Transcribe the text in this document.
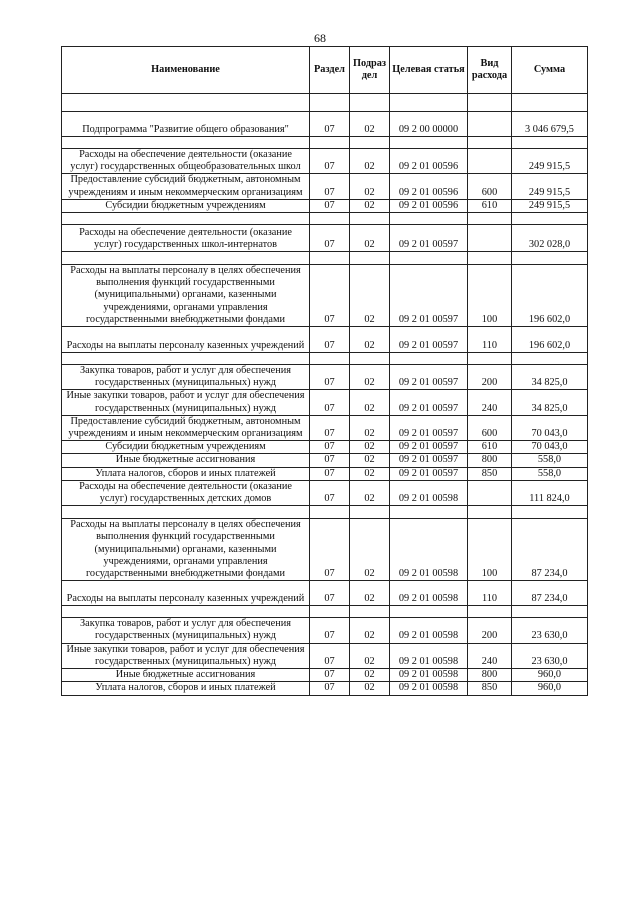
68
Наименование	Раздел	Подраз дел	Целевая статья	Вид расхода	Сумма

Подпрограмма "Развитие общего образования"	07	02	09 2 00 00000		3 046 679,5

Расходы на обеспечение деятельности (оказание услуг) государственных общеобразовательных школ	07	02	09 2 01 00596		249 915,5
Предоставление субсидий бюджетным, автономным учреждениям и иным некоммерческим организациям	07	02	09 2 01 00596	600	249 915,5
Субсидии бюджетным учреждениям	07	02	09 2 01 00596	610	249 915,5

Расходы на обеспечение деятельности (оказание услуг) государственных школ-интернатов	07	02	09 2 01 00597		302 028,0

Расходы на выплаты персоналу в целях обеспечения выполнения функций государственными (муниципальными) органами, казенными учреждениями, органами управления государственными внебюджетными фондами	07	02	09 2 01 00597	100	196 602,0
Расходы на выплаты персоналу казенных учреждений	07	02	09 2 01 00597	110	196 602,0

Закупка товаров, работ и услуг для обеспечения государственных (муниципальных) нужд	07	02	09 2 01 00597	200	34 825,0
Иные закупки товаров, работ и услуг для обеспечения государственных (муниципальных) нужд	07	02	09 2 01 00597	240	34 825,0
Предоставление субсидий бюджетным, автономным учреждениям и иным некоммерческим организациям	07	02	09 2 01 00597	600	70 043,0
Субсидии бюджетным учреждениям	07	02	09 2 01 00597	610	70 043,0
Иные бюджетные ассигнования	07	02	09 2 01 00597	800	558,0
Уплата налогов, сборов и иных платежей	07	02	09 2 01 00597	850	558,0
Расходы на обеспечение деятельности (оказание услуг) государственных детских домов	07	02	09 2 01 00598		111 824,0

Расходы на выплаты персоналу в целях обеспечения выполнения функций государственными (муниципальными) органами, казенными учреждениями, органами управления государственными внебюджетными фондами	07	02	09 2 01 00598	100	87 234,0
Расходы на выплаты персоналу казенных учреждений	07	02	09 2 01 00598	110	87 234,0

Закупка товаров, работ и услуг для обеспечения государственных (муниципальных) нужд	07	02	09 2 01 00598	200	23 630,0
Иные закупки товаров, работ и услуг для обеспечения государственных (муниципальных) нужд	07	02	09 2 01 00598	240	23 630,0
Иные бюджетные ассигнования	07	02	09 2 01 00598	800	960,0
Уплата налогов, сборов и иных платежей	07	02	09 2 01 00598	850	960,0
